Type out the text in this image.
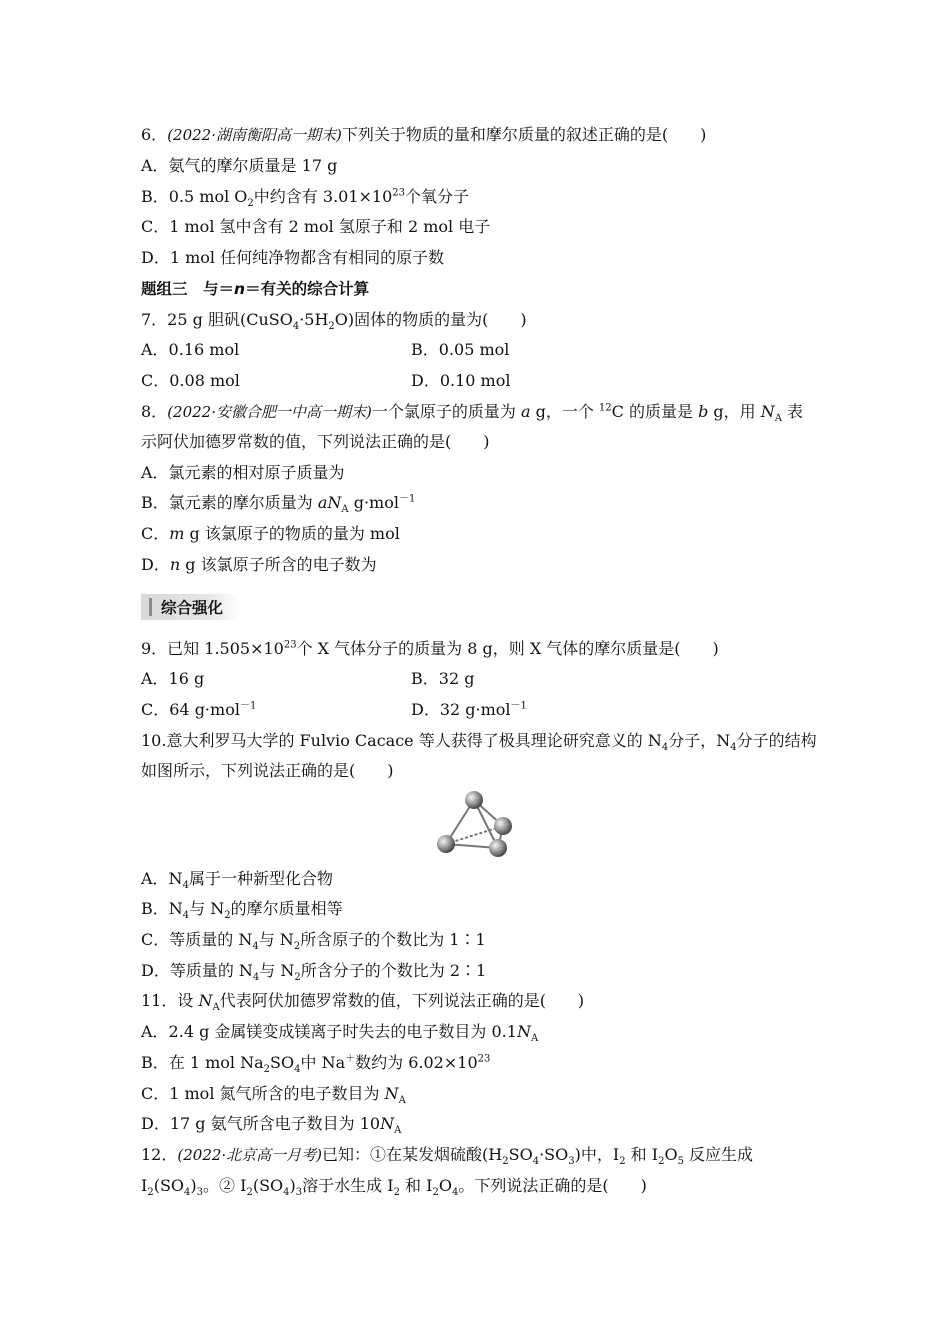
6．(2022·湖南衡阳高一期末)下列关于物质的量和摩尔质量的叙述正确的是(　　)
A．氨气的摩尔质量是 17 g
B．0.5 mol $O_2$中约含有 $3.01\times 10^{23}$个氧分子
C．1 mol 氢中含有 2 mol 氢原子和 2 mol 电子
D．1 mol 任何纯净物都含有相同的原子数
题组三　与＝n＝有关的综合计算
7．25 g 胆矾$(CuSO_4\cdot 5H_2O)$固体的物质的量为(　　)
A．0.16 mol	B．0.05 mol
C．0.08 mol	D．0.10 mol
8．(2022·安徽合肥一中高一期末)一个氯原子的质量为 a g，一个 $^{12}$C 的质量是 b g，用 $N_A$ 表
示阿伏加德罗常数的值，下列说法正确的是(　　)
A．氯元素的相对原子质量为
B．氯元素的摩尔质量为 $aN_A$ g·mol$^{-1}$
C．m g 该氯原子的物质的量为 mol
D．n g 该氯原子所含的电子数为
综合强化
9．已知 $1.505\times 10^{23}$个 X 气体分子的质量为 8 g，则 X 气体的摩尔质量是(　　)
A．16 g	B．32 g
C．64 g·mol$^{-1}$	D．32 g·mol$^{-1}$
10.意大利罗马大学的 Fulvio Cacace 等人获得了极具理论研究意义的 $N_4$分子，$N_4$分子的结构
如图所示，下列说法正确的是(　　)
A．$N_4$属于一种新型化合物
B．$N_4$与 $N_2$的摩尔质量相等
C．等质量的 $N_4$与 $N_2$所含原子的个数比为 1∶1
D．等质量的 $N_4$与 $N_2$所含分子的个数比为 2∶1
11．设 $N_A$代表阿伏加德罗常数的值，下列说法正确的是(　　)
A．2.4 g 金属镁变成镁离子时失去的电子数目为 $0.1N_A$
B．在 1 mol $Na_2SO_4$中 Na＋数约为 $6.02\times 10^{23}$
C．1 mol 氮气所含的电子数目为 $N_A$
D．17 g 氨气所含电子数目为 $10N_A$
12．(2022·北京高一月考)已知：①在某发烟硫酸$(H_2SO_4\cdot SO_3)$中，$I_2$ 和 $I_2O_5$ 反应生成
$I_2(SO_4)_3$。② $I_2(SO_4)_3$溶于水生成 $I_2$ 和 $I_2O_4$。下列说法正确的是(　　)
